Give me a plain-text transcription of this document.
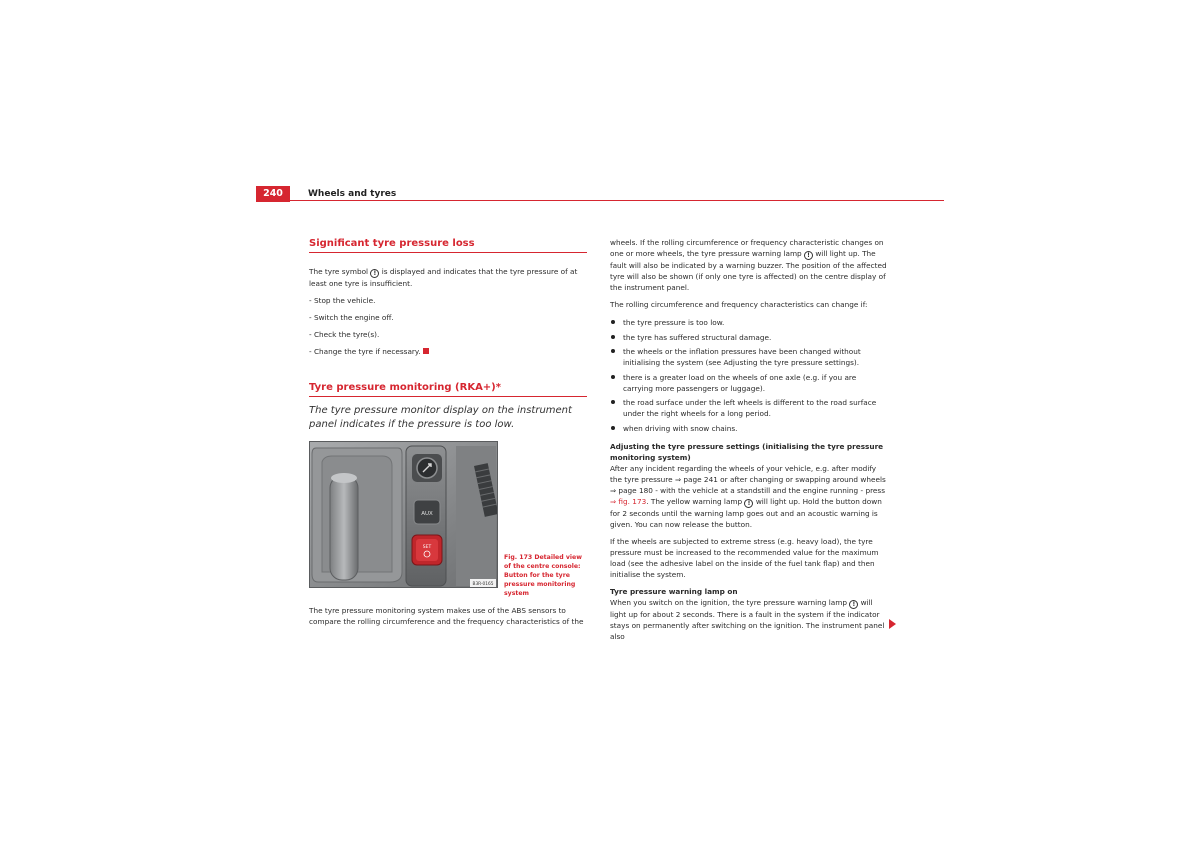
240	Wheels and tyres
Significant tyre pressure loss

The tyre symbol ! is displayed and indicates that the tyre pressure of at least one tyre is insufficient.

- Stop the vehicle.

- Switch the engine off.

- Check the tyre(s).

- Change the tyre if necessary.

Tyre pressure monitoring (RKA+)*
The tyre pressure monitor display on the instrument panel indicates if the pressure is too low.
AUX
SET
B3R-0165
Fig. 173 Detailed view of the centre console: Button for the tyre pressure monitoring system

The tyre pressure monitoring system makes use of the ABS sensors to compare the rolling circumference and the frequency characteristics of the

wheels. If the rolling circumference or frequency characteristic changes on one or more wheels, the tyre pressure warning lamp ! will light up. The fault will also be indicated by a warning buzzer. The position of the affected tyre will also be shown (if only one tyre is affected) on the centre display of the instrument panel.

The rolling circumference and frequency characteristics can change if:

the tyre pressure is too low.
the tyre has suffered structural damage.
the wheels or the inflation pressures have been changed without initialising the system (see Adjusting the tyre pressure settings).
there is a greater load on the wheels of one axle (e.g. if you are carrying more passengers or luggage).
the road surface under the left wheels is different to the road surface under the right wheels for a long period.
when driving with snow chains.
Adjusting the tyre pressure settings (initialising the tyre pressure monitoring system)

After any incident regarding the wheels of your vehicle, e.g. after modify the tyre pressure ⇒ page 241 or after changing or swapping around wheels ⇒ page 180 - with the vehicle at a standstill and the engine running - press ⇒ fig. 173. The yellow warning lamp ! will light up. Hold the button down for 2 seconds until the warning lamp goes out and an acoustic warning is given. You can now release the button.

If the wheels are subjected to extreme stress (e.g. heavy load), the tyre pressure must be increased to the recommended value for the maximum load (see the adhesive label on the inside of the fuel tank flap) and then initialise the system.

Tyre pressure warning lamp on

When you switch on the ignition, the tyre pressure warning lamp ! will light up for about 2 seconds. There is a fault in the system if the indicator stays on permanently after switching on the ignition. The instrument panel also
